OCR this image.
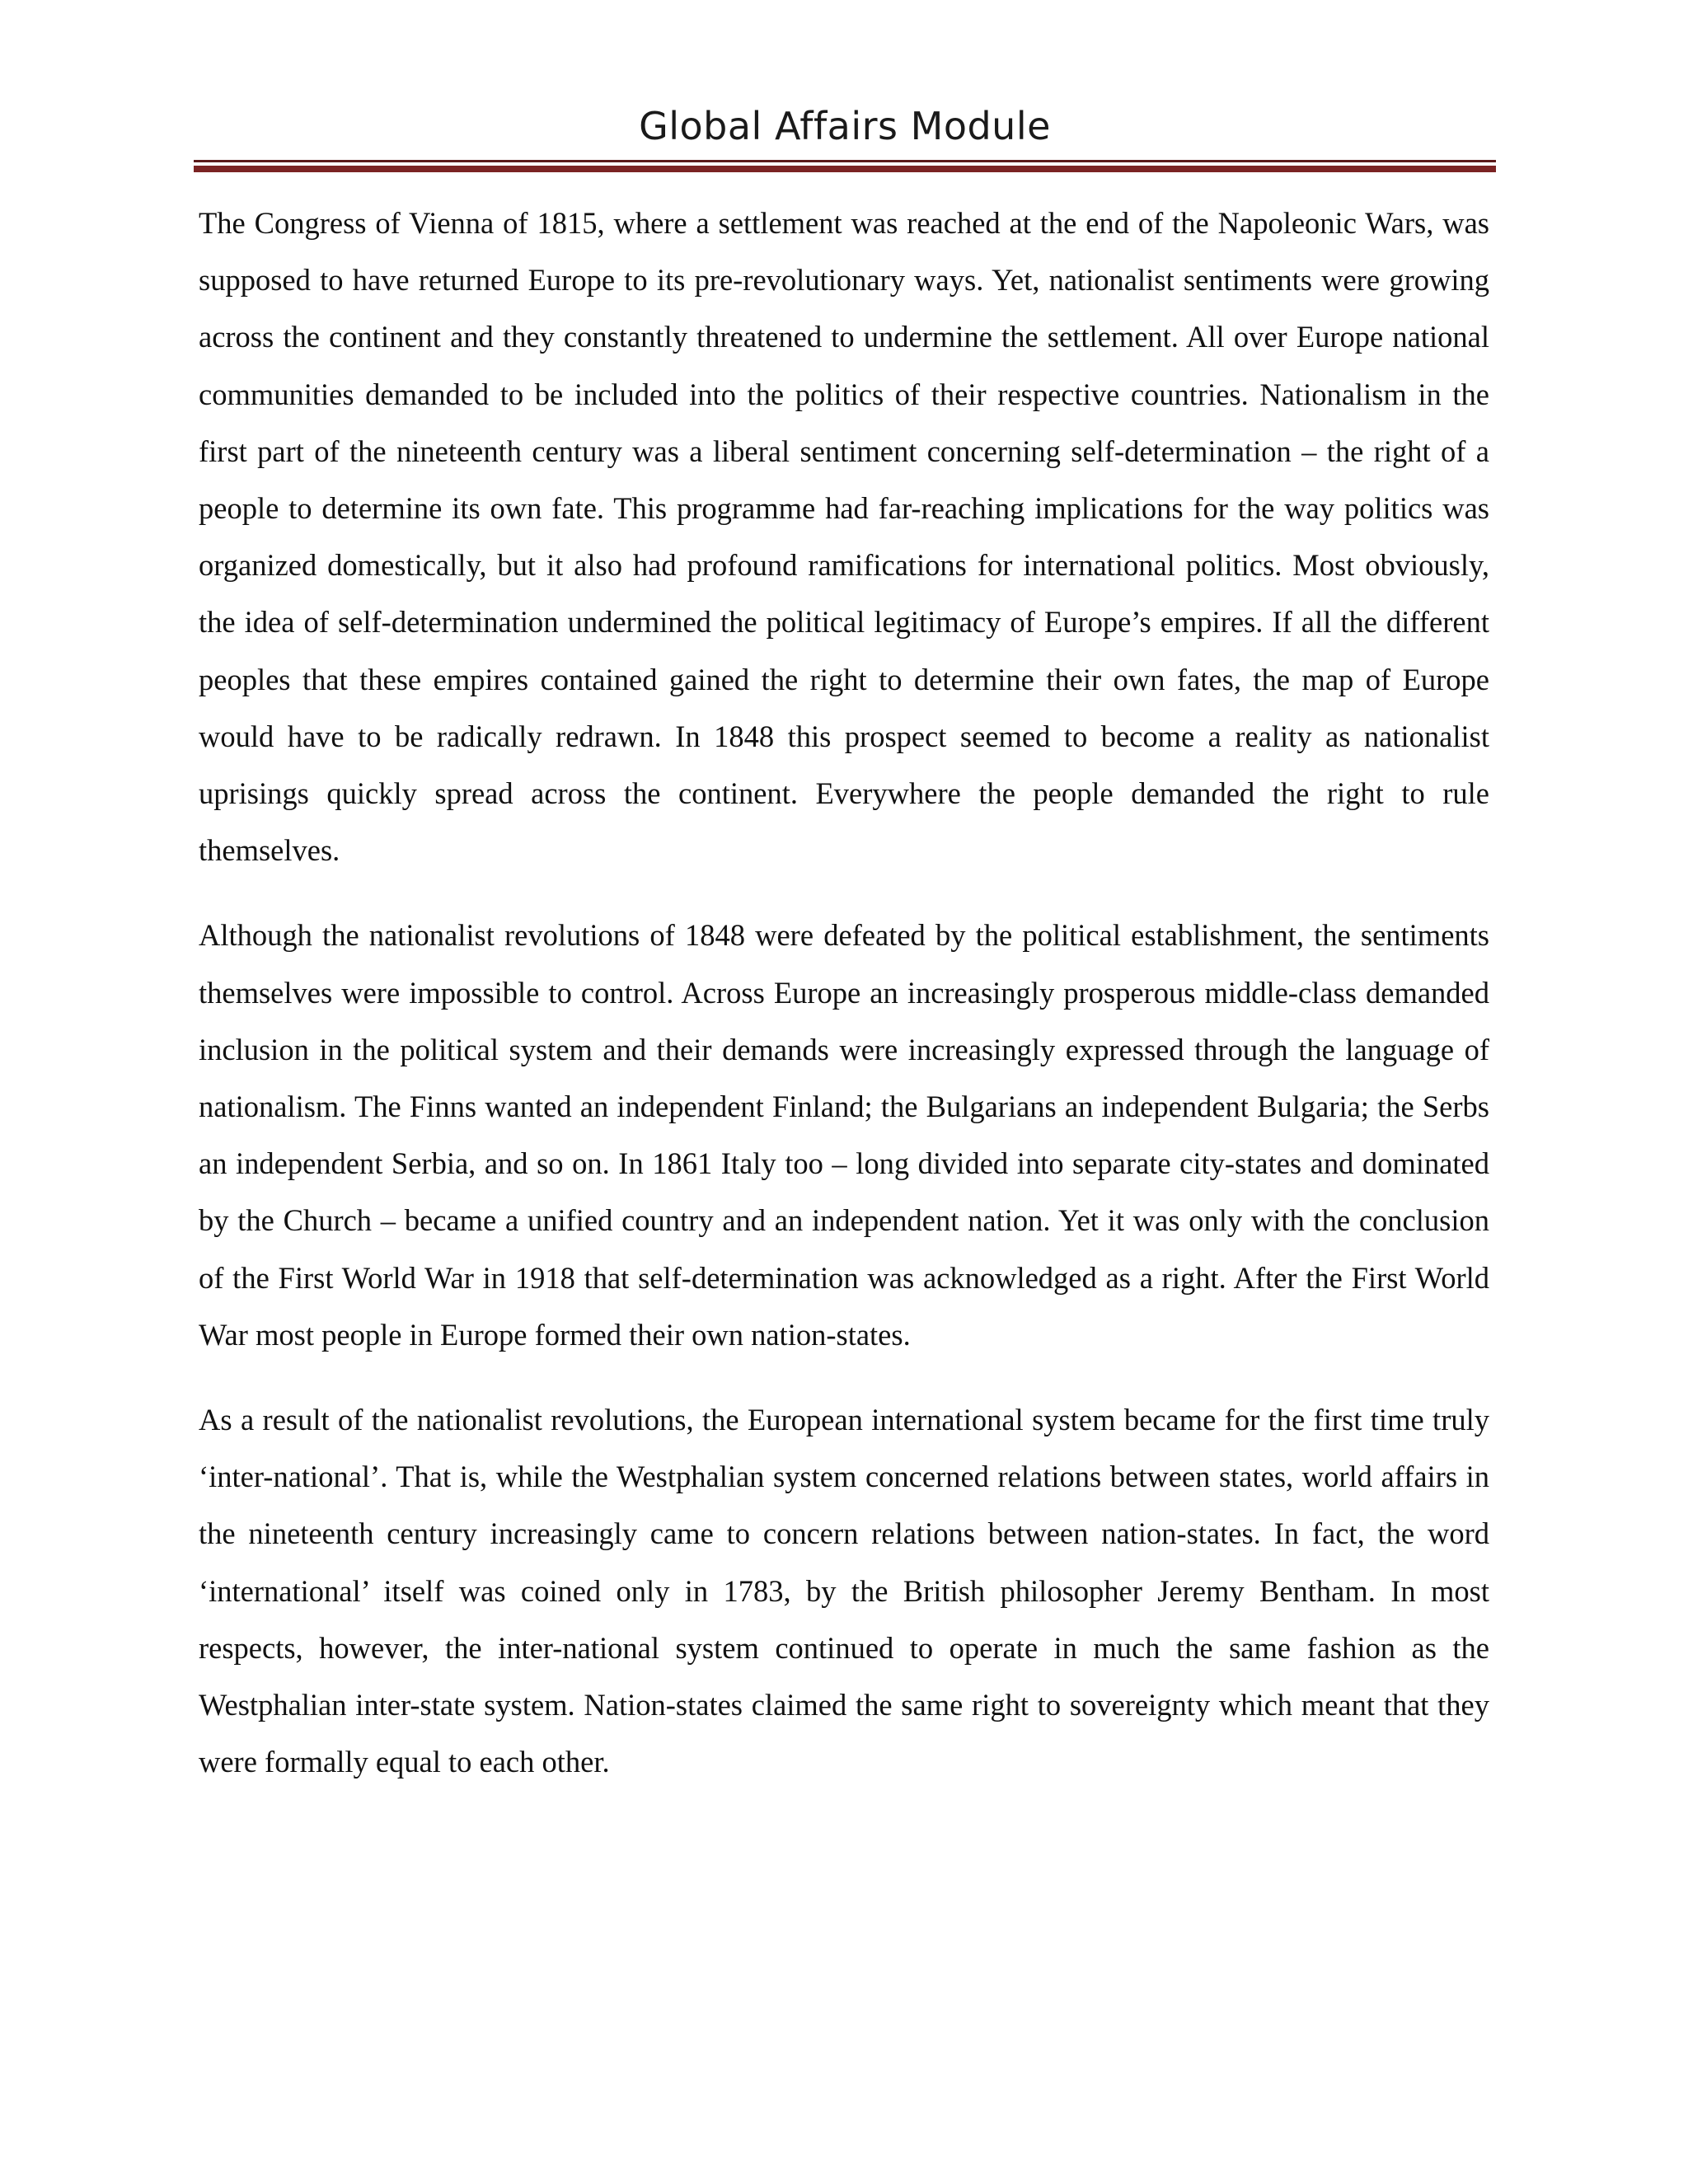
Global Affairs Module

The Congress of Vienna of 1815, where a settlement was reached at the end of the Napoleonic Wars, was supposed to have returned Europe to its pre-revolutionary ways. Yet, nationalist sentiments were growing across the continent and they constantly threatened to undermine the settlement. All over Europe national communities demanded to be included into the politics of their respective countries. Nationalism in the first part of the nineteenth century was a liberal sentiment concerning self-determination – the right of a people to determine its own fate. This programme had far-reaching implications for the way politics was organized domestically, but it also had profound ramifications for international politics. Most obviously, the idea of self-determination undermined the political legitimacy of Europe’s empires. If all the different peoples that these empires contained gained the right to determine their own fates, the map of Europe would have to be radically redrawn. In 1848 this prospect seemed to become a reality as nationalist uprisings quickly spread across the continent. Everywhere the people demanded the right to rule themselves.

Although the nationalist revolutions of 1848 were defeated by the political establishment, the sentiments themselves were impossible to control. Across Europe an increasingly prosperous middle-class demanded inclusion in the political system and their demands were increasingly expressed through the language of nationalism. The Finns wanted an independent Finland; the Bulgarians an independent Bulgaria; the Serbs an independent Serbia, and so on. In 1861 Italy too – long divided into separate city-states and dominated by the Church – became a unified country and an independent nation. Yet it was only with the conclusion of the First World War in 1918 that self-determination was acknowledged as a right. After the First World War most people in Europe formed their own nation-states.

As a result of the nationalist revolutions, the European international system became for the first time truly ‘inter-national’. That is, while the Westphalian system concerned relations between states, world affairs in the nineteenth century increasingly came to concern relations between nation-states. In fact, the word ‘international’ itself was coined only in 1783, by the British philosopher Jeremy Bentham. In most respects, however, the inter-national system continued to operate in much the same fashion as the Westphalian inter-state system. Nation-states claimed the same right to sovereignty which meant that they were formally equal to each other.
